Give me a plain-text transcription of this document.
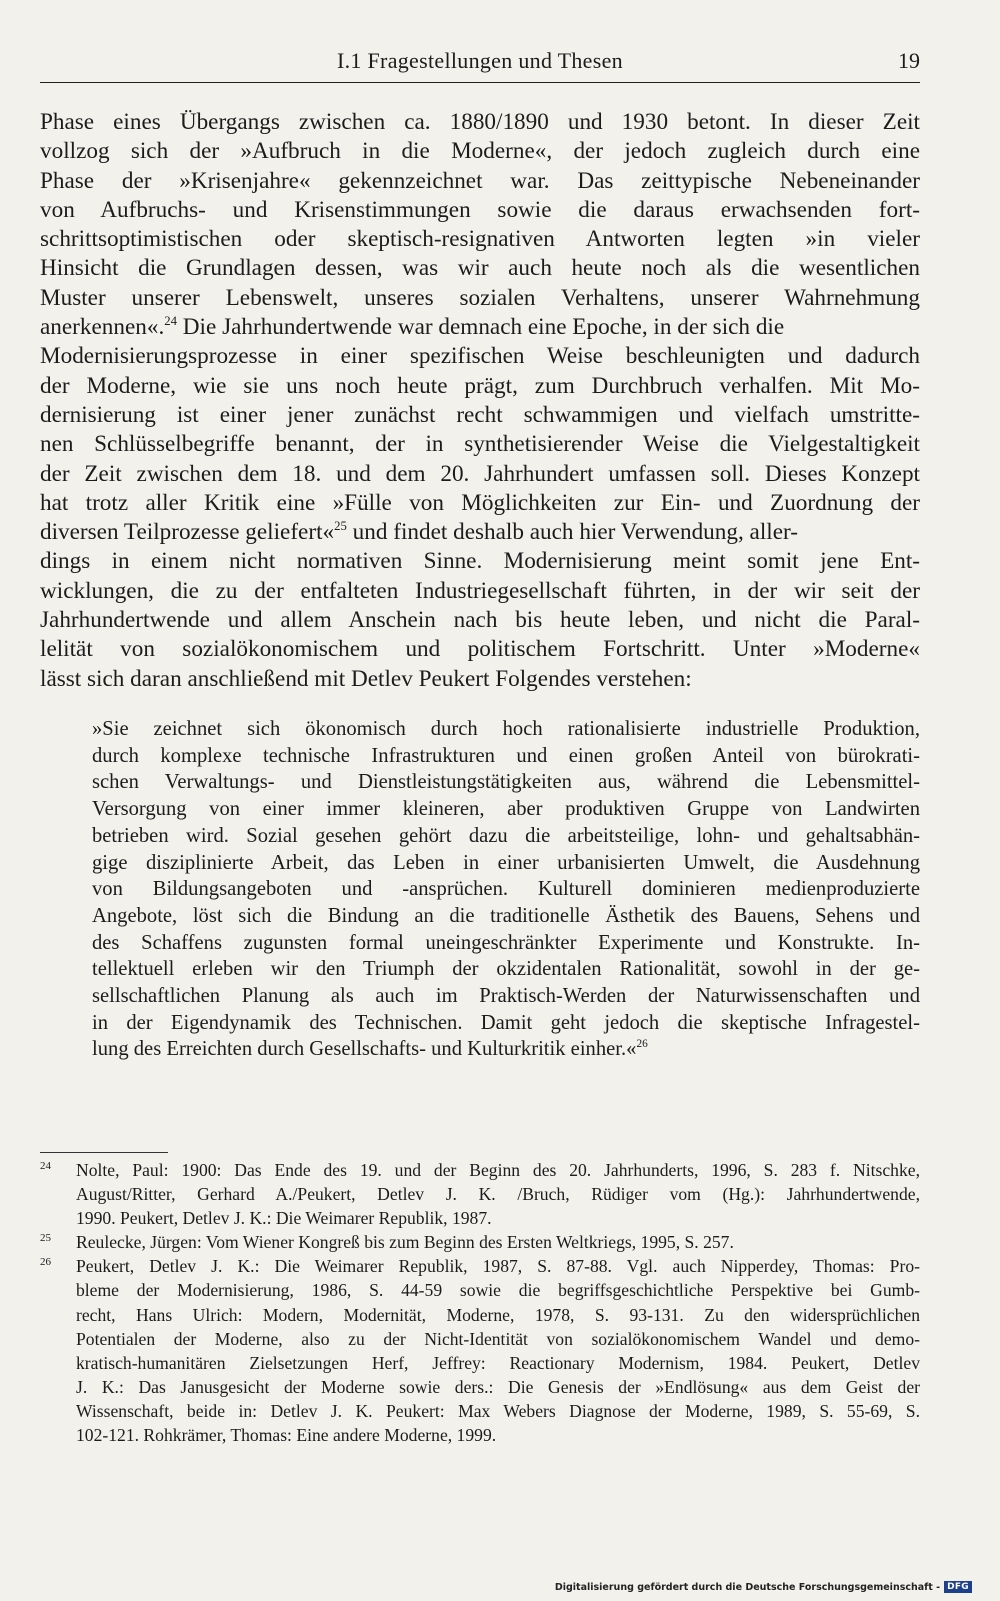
I.1 Fragestellungen und Thesen	19
Phase eines Übergangs zwischen ca. 1880/1890 und 1930 betont. In dieser Zeit
vollzog sich der »Aufbruch in die Moderne«, der jedoch zugleich durch eine
Phase der »Krisenjahre« gekennzeichnet war. Das zeittypische Nebeneinander
von Aufbruchs- und Krisenstimmungen sowie die daraus erwachsenden fort-
schrittsoptimistischen oder skeptisch-resignativen Antworten legten »in vieler
Hinsicht die Grundlagen dessen, was wir auch heute noch als die wesentlichen
Muster unserer Lebenswelt, unseres sozialen Verhaltens, unserer Wahrnehmung
anerkennen«.$^{24}$ Die Jahrhundertwende war demnach eine Epoche, in der sich die
Modernisierungsprozesse in einer spezifischen Weise beschleunigten und dadurch
der Moderne, wie sie uns noch heute prägt, zum Durchbruch verhalfen. Mit Mo-
dernisierung ist einer jener zunächst recht schwammigen und vielfach umstritte-
nen Schlüsselbegriffe benannt, der in synthetisierender Weise die Vielgestaltigkeit
der Zeit zwischen dem 18. und dem 20. Jahrhundert umfassen soll. Dieses Konzept
hat trotz aller Kritik eine »Fülle von Möglichkeiten zur Ein- und Zuordnung der
diversen Teilprozesse geliefert«$^{25}$ und findet deshalb auch hier Verwendung, aller-
dings in einem nicht normativen Sinne. Modernisierung meint somit jene Ent-
wicklungen, die zu der entfalteten Industriegesellschaft führten, in der wir seit der
Jahrhundertwende und allem Anschein nach bis heute leben, und nicht die Paral-
lelität von sozialökonomischem und politischem Fortschritt. Unter »Moderne«
lässt sich daran anschließend mit Detlev Peukert Folgendes verstehen:
»Sie zeichnet sich ökonomisch durch hoch rationalisierte industrielle Produktion,
durch komplexe technische Infrastrukturen und einen großen Anteil von bürokrati-
schen Verwaltungs- und Dienstleistungstätigkeiten aus, während die Lebensmittel-
Versorgung von einer immer kleineren, aber produktiven Gruppe von Landwirten
betrieben wird. Sozial gesehen gehört dazu die arbeitsteilige, lohn- und gehaltsabhän-
gige disziplinierte Arbeit, das Leben in einer urbanisierten Umwelt, die Ausdehnung
von Bildungsangeboten und -ansprüchen. Kulturell dominieren medienproduzierte
Angebote, löst sich die Bindung an die traditionelle Ästhetik des Bauens, Sehens und
des Schaffens zugunsten formal uneingeschränkter Experimente und Konstrukte. In-
tellektuell erleben wir den Triumph der okzidentalen Rationalität, sowohl in der ge-
sellschaftlichen Planung als auch im Praktisch-Werden der Naturwissenschaften und
in der Eigendynamik des Technischen. Damit geht jedoch die skeptische Infragestel-
lung des Erreichten durch Gesellschafts- und Kulturkritik einher.«$^{26}$
24 Nolte, Paul: 1900: Das Ende des 19. und der Beginn des 20. Jahrhunderts, 1996, S. 283 f. Nitschke,
August/Ritter, Gerhard A./Peukert, Detlev J. K. /Bruch, Rüdiger vom (Hg.): Jahrhundertwende,
1990. Peukert, Detlev J. K.: Die Weimarer Republik, 1987.
25 Reulecke, Jürgen: Vom Wiener Kongreß bis zum Beginn des Ersten Weltkriegs, 1995, S. 257.
26 Peukert, Detlev J. K.: Die Weimarer Republik, 1987, S. 87-88. Vgl. auch Nipperdey, Thomas: Pro-
bleme der Modernisierung, 1986, S. 44-59 sowie die begriffsgeschichtliche Perspektive bei Gumb-
recht, Hans Ulrich: Modern, Modernität, Moderne, 1978, S. 93-131. Zu den widersprüchlichen
Potentialen der Moderne, also zu der Nicht-Identität von sozialökonomischem Wandel und demo-
kratisch-humanitären Zielsetzungen Herf, Jeffrey: Reactionary Modernism, 1984. Peukert, Detlev
J. K.: Das Janusgesicht der Moderne sowie ders.: Die Genesis der »Endlösung« aus dem Geist der
Wissenschaft, beide in: Detlev J. K. Peukert: Max Webers Diagnose der Moderne, 1989, S. 55-69, S.
102-121. Rohkrämer, Thomas: Eine andere Moderne, 1999.
Digitalisierung gefördert durch die Deutsche Forschungsgemeinschaft - DFG
